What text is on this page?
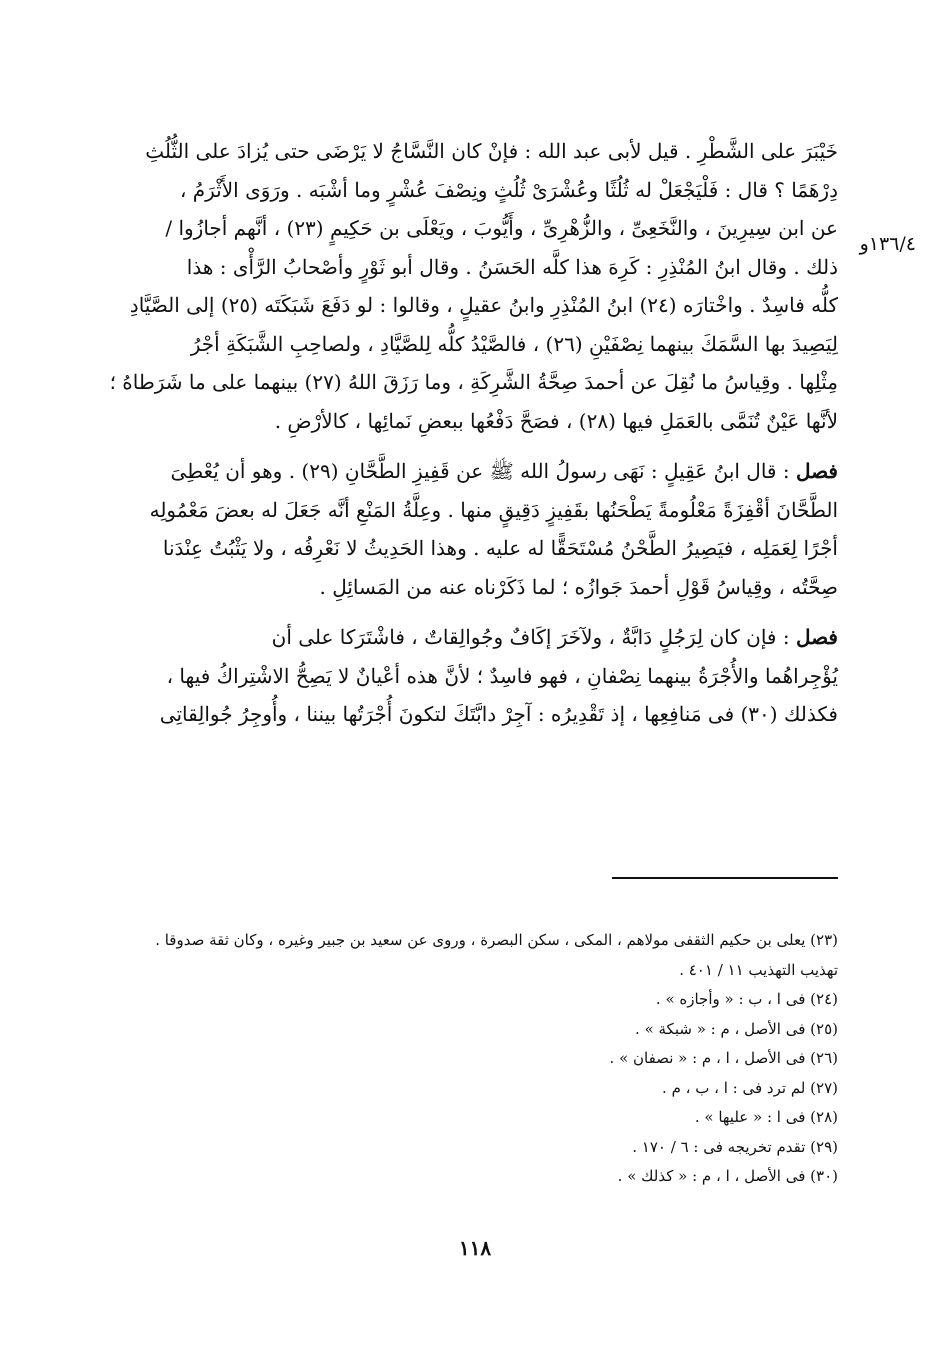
خَيْبَرَ على الشَّطْرِ . قيل لأبى عبد الله : فإنْ كان النَّسَّاجُ لا يَرْضَى حتى يُزادَ على الثُّلُثِ
دِرْهَمًا ؟ قال : فَلْيَجْعَلْ له ثُلُثًا وعُشْرَىْ ثُلُثٍ ونِصْفَ عُشْرٍ وما أشْبَه . ورَوَى الأَثْرَمُ ،
عن ابن سِيرِينَ ، والنَّخَعِىِّ ، والزُّهْرِىِّ ، وأَيُّوبَ ، ويَعْلَى بن حَكِيمٍ (٢٣) ، أنَّهم أجازُوا /
ذلك . وقال ابنُ المُنْذِرِ : كَرِهَ هذا كلَّه الحَسَنُ . وقال أبو ثَوْرٍ وأصْحابُ الرَّأْى : هذا
كلُّه فاسِدٌ . واخْتارَه (٢٤) ابنُ المُنْذِرِ وابنُ عقيلٍ ، وقالوا : لو دَفَعَ شَبَكَتَه (٢٥) إلى الصَّيَّادِ
لِيَصِيدَ بها السَّمَكَ بينهما نِصْفَيْنِ (٢٦) ، فالصَّيْدُ كلُّه لِلصَّيَّادِ ، ولصاحِبِ الشَّبَكَةِ أجْرُ
مِثْلِها . وقِياسُ ما نُقِلَ عن أحمدَ صِحَّةُ الشَّرِكَةِ ، وما رَزَقَ اللهُ (٢٧) بينهما على ما شَرَطاهُ ؛
لأنَّها عَيْنٌ تُنَمَّى بالعَمَلِ فيها (٢٨) ، فصَحَّ دَفْعُها ببعضِ نَمائِها ، كالأرْضِ .
فصل : قال ابنُ عَقِيلٍ : نَهَى رسولُ الله ﷺ عن قَفِيزِ الطَّحَّانِ (٢٩) . وهو أن يُعْطِىَ
الطَّحَّانَ أقْفِزَةً مَعْلُومةً يَطْحَنُها بقَفِيزٍ دَقِيقٍ منها . وعِلَّةُ المَنْعِ أنَّه جَعَلَ له بعضَ مَعْمُولِه
أجْرًا لِعَمَلِه ، فيَصِيرُ الطَّحْنُ مُسْتَحَقًّا له عليه . وهذا الحَدِيثُ لا نَعْرِفُه ، ولا يَثْبُتُ عِنْدَنا
صِحَّتُه ، وقِياسُ قَوْلِ أحمدَ جَوازُه ؛ لما ذَكَرْناه عنه من المَسائِلِ .
فصل : فإن كان لِرَجُلٍ دَابَّةٌ ، ولآخَرَ إكَافٌ وجُوالِقاتٌ ، فاشْتَرَكا على أن
يُؤْجِراهُما والأُجْرَةُ بينهما نِصْفانِ ، فهو فاسِدٌ ؛ لأنَّ هذه أعْيانٌ لا يَصِحُّ الاشْتِراكُ فيها ،
فكذلك (٣٠) فى مَنافِعِها ، إذ تَقْدِيرُه : آجِرْ دابَّتَكَ لتكونَ أُجْرَتُها بيننا ، وأُوجِرُ جُوالِقاتِى
١٣٦/٤و
(٢٣) يعلى بن حكيم الثقفى مولاهم ، المكى ، سكن البصرة ، وروى عن سعيد بن جبير وغيره ، وكان ثقة صدوقا .
تهذيب التهذيب ١١ / ٤٠١ .
(٢٤) فى ا ، ب : « وأجازه » .
(٢٥) فى الأصل ، م : « شبكة » .
(٢٦) فى الأصل ، ا ، م : « نصفان » .
(٢٧) لم ترد فى : ا ، ب ، م .
(٢٨) فى ا : « عليها » .
(٢٩) تقدم تخريجه فى : ٦ / ١٧٠ .
(٣٠) فى الأصل ، ا ، م : « كذلك » .
١١٨
